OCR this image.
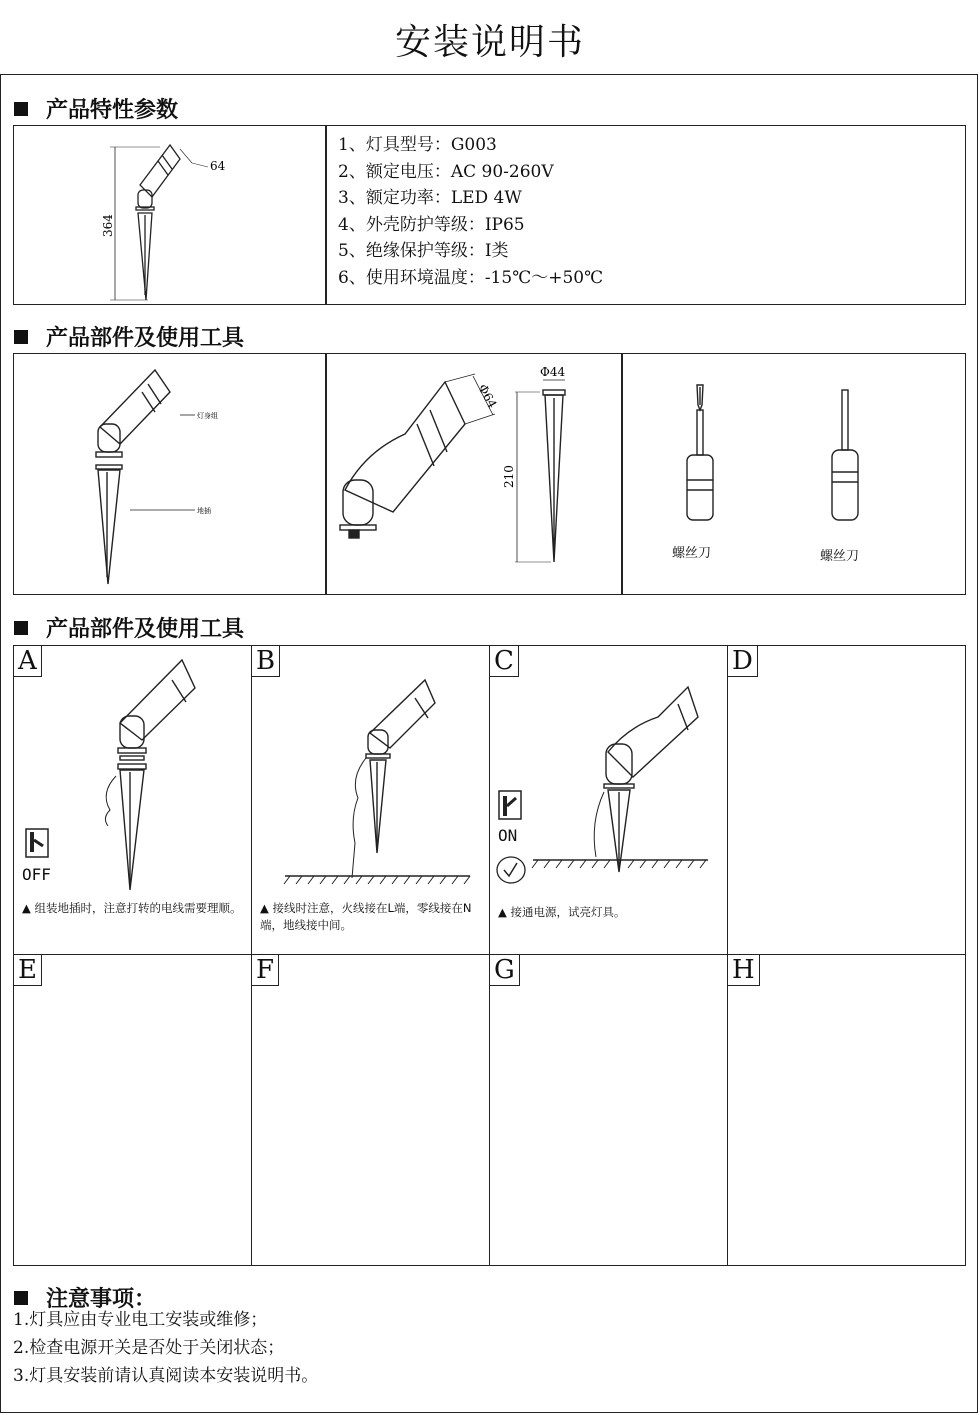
安装说明书
产品特性参数
64
364
1、灯具型号：G003
2、额定电压：AC 90-260V
3、额定功率：LED 4W
4、外壳防护等级：IP65
5、绝缘保护等级：I类
6、使用环境温度：-15℃～+50℃
产品部件及使用工具
灯身组
地插
Φ64
Φ44
210
螺丝刀	螺丝刀
产品部件及使用工具
A	B	C	D
E	F	G	H
OFF
▲ 组装地插时，注意打转的电线需要理顺。	▲ 接线时注意，火线接在L端，零线接在N端，地线接中间。
ON
▲ 接通电源，试亮灯具。
注意事项：
1.灯具应由专业电工安装或维修；
2.检查电源开关是否处于关闭状态；
3.灯具安装前请认真阅读本安装说明书。
